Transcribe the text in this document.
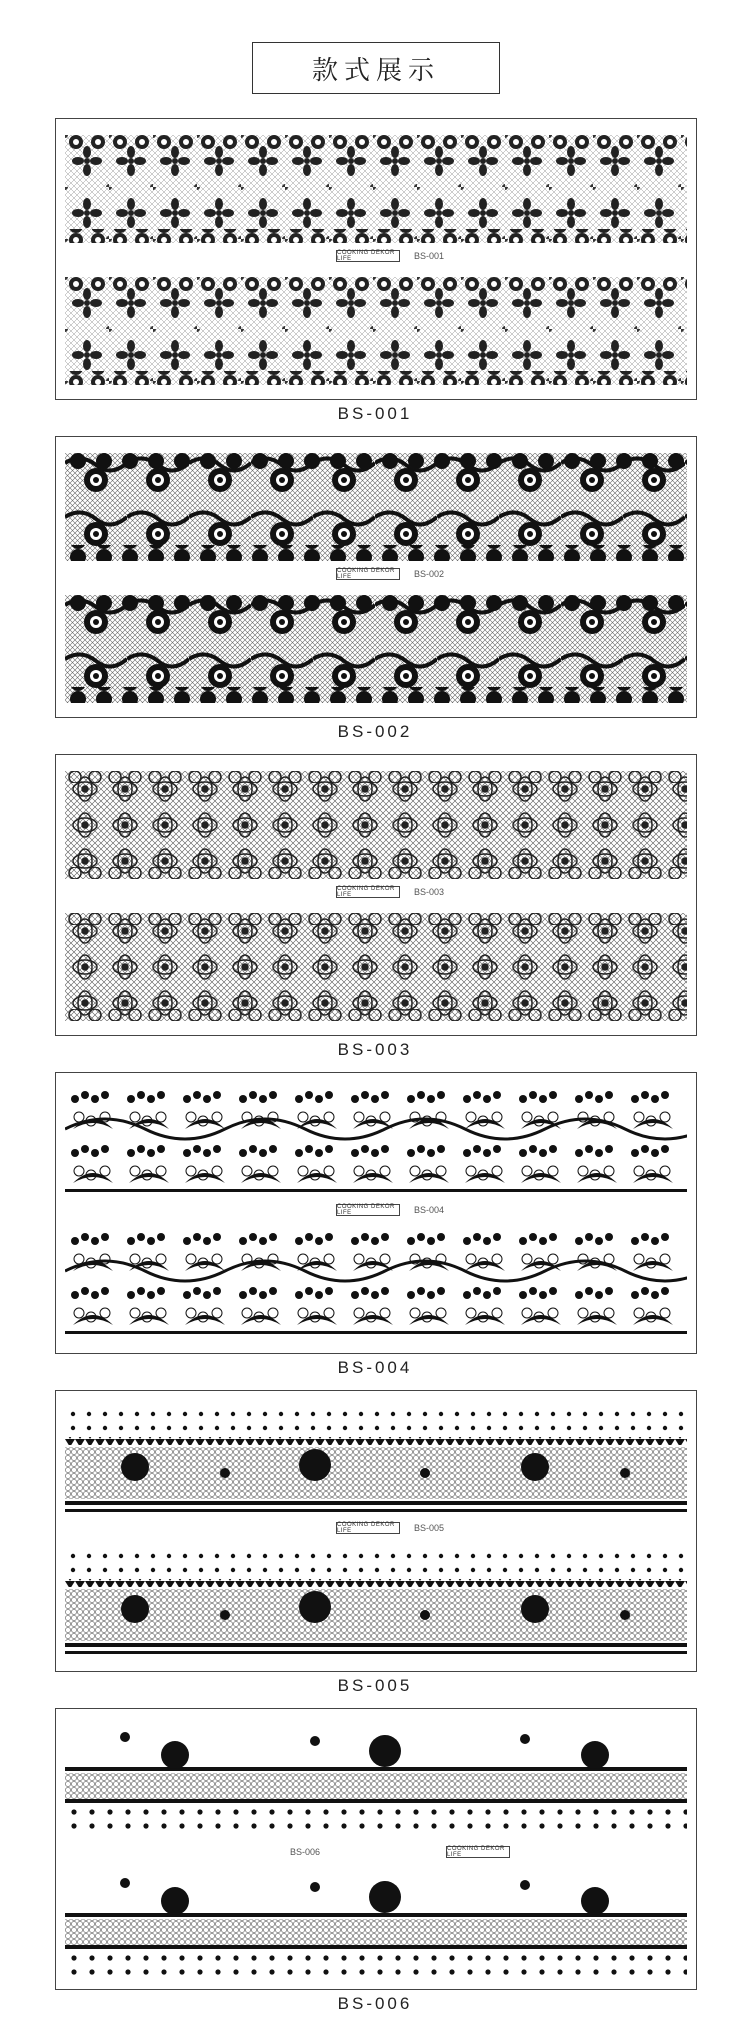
款式展示
COOKING DEKOR LIFE	BS-001
BS-001
COOKING DEKOR LIFE	BS-002
BS-002
COOKING DEKOR LIFE	BS-003
BS-003
COOKING DEKOR LIFE	BS-004
BS-004
COOKING DEKOR LIFE	BS-005
BS-005
COOKING DEKOR LIFE
BS-006
BS-006
